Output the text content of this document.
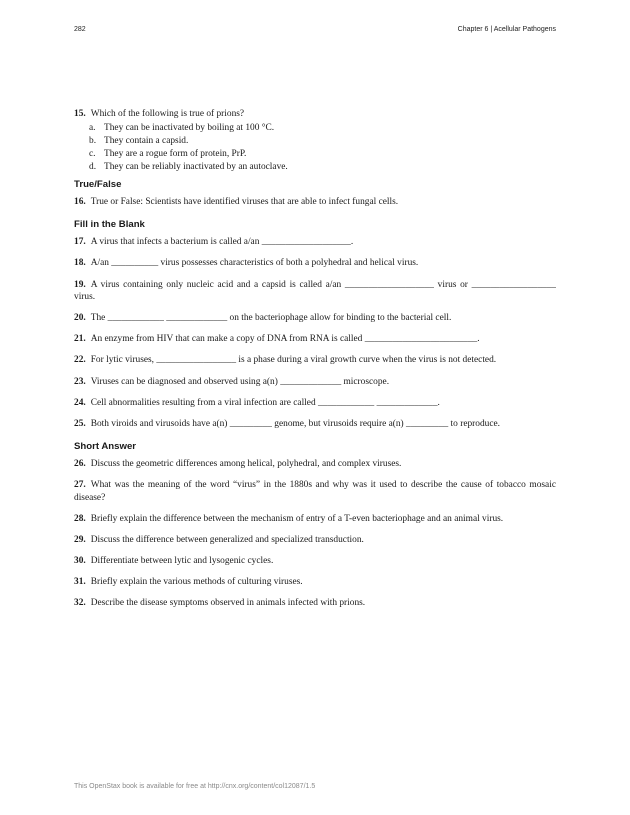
282	Chapter 6 | Acellular Pathogens
15. Which of the following is true of prions?
a. They can be inactivated by boiling at 100 °C.
b. They contain a capsid.
c. They are a rogue form of protein, PrP.
d. They can be reliably inactivated by an autoclave.
True/False
16. True or False: Scientists have identified viruses that are able to infect fungal cells.
Fill in the Blank
17. A virus that infects a bacterium is called a/an ___________________.
18. A/an __________ virus possesses characteristics of both a polyhedral and helical virus.
19. A virus containing only nucleic acid and a capsid is called a/an ___________________ virus or __________________ virus.
20. The ____________ _____________ on the bacteriophage allow for binding to the bacterial cell.
21. An enzyme from HIV that can make a copy of DNA from RNA is called ________________________.
22. For lytic viruses, _________________ is a phase during a viral growth curve when the virus is not detected.
23. Viruses can be diagnosed and observed using a(n) _____________ microscope.
24. Cell abnormalities resulting from a viral infection are called ____________ _____________.
25. Both viroids and virusoids have a(n) _________ genome, but virusoids require a(n) _________ to reproduce.
Short Answer
26. Discuss the geometric differences among helical, polyhedral, and complex viruses.
27. What was the meaning of the word “virus” in the 1880s and why was it used to describe the cause of tobacco mosaic disease?
28. Briefly explain the difference between the mechanism of entry of a T-even bacteriophage and an animal virus.
29. Discuss the difference between generalized and specialized transduction.
30. Differentiate between lytic and lysogenic cycles.
31. Briefly explain the various methods of culturing viruses.
32. Describe the disease symptoms observed in animals infected with prions.
This OpenStax book is available for free at http://cnx.org/content/col12087/1.5
